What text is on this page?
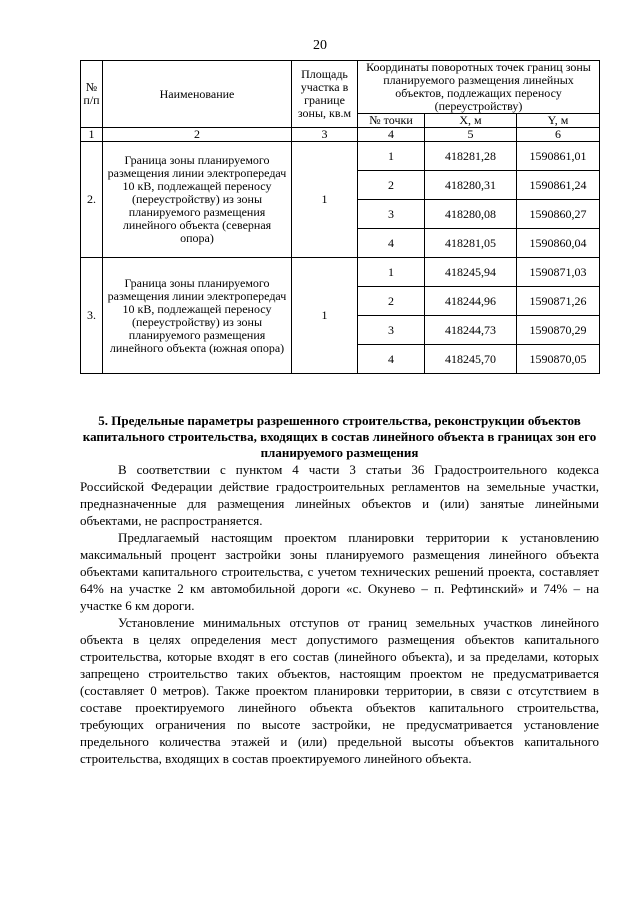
20
№ п/п	Наименование	Площадь участка в границе зоны, кв.м	Координаты поворотных точек границ зоны планируемого размещения линейных объектов, подлежащих переносу (переустройству)		
			№ точки	X, м	Y, м
1	2	3	4	5	6
2.	Граница зоны планируемого размещения линии электропередач 10 кВ, подлежащей переносу (переустройству) из зоны планируемого размещения линейного объекта (северная опора)	1	1	418281,28	1590861,01
			2	418280,31	1590861,24
			3	418280,08	1590860,27
			4	418281,05	1590860,04
3.	Граница зоны планируемого размещения линии электропередач 10 кВ, подлежащей переносу (переустройству) из зоны планируемого размещения линейного объекта (южная опора)	1	1	418245,94	1590871,03
			2	418244,96	1590871,26
			3	418244,73	1590870,29
			4	418245,70	1590870,05
5. Предельные параметры разрешенного строительства, реконструкции объектов капитального строительства, входящих в состав линейного объекта в границах зон его планируемого размещения

В соответствии с пунктом 4 части 3 статьи 36 Градостроительного кодекса Российской Федерации действие градостроительных регламентов на земельные участки, предназначенные для размещения линейных объектов и (или) занятые линейными объектами, не распространяется.

Предлагаемый настоящим проектом планировки территории к установлению максимальный процент застройки зоны планируемого размещения линейного объекта объектами капитального строительства, с учетом технических решений проекта, составляет 64% на участке 2 км автомобильной дороги «с. Окунево – п. Рефтинский» и 74% – на участке 6 км дороги.

Установление минимальных отступов от границ земельных участков линейного объекта в целях определения мест допустимого размещения объектов капитального строительства, которые входят в его состав (линейного объекта), и за пределами, которых запрещено строительство таких объектов, настоящим проектом не предусматривается (составляет 0 метров). Также проектом планировки территории, в связи с отсутствием в составе проектируемого линейного объекта объектов капитального строительства, требующих ограничения по высоте застройки, не предусматривается установление предельного количества этажей и (или) предельной высоты объектов капитального строительства, входящих в состав проектируемого линейного объекта.
